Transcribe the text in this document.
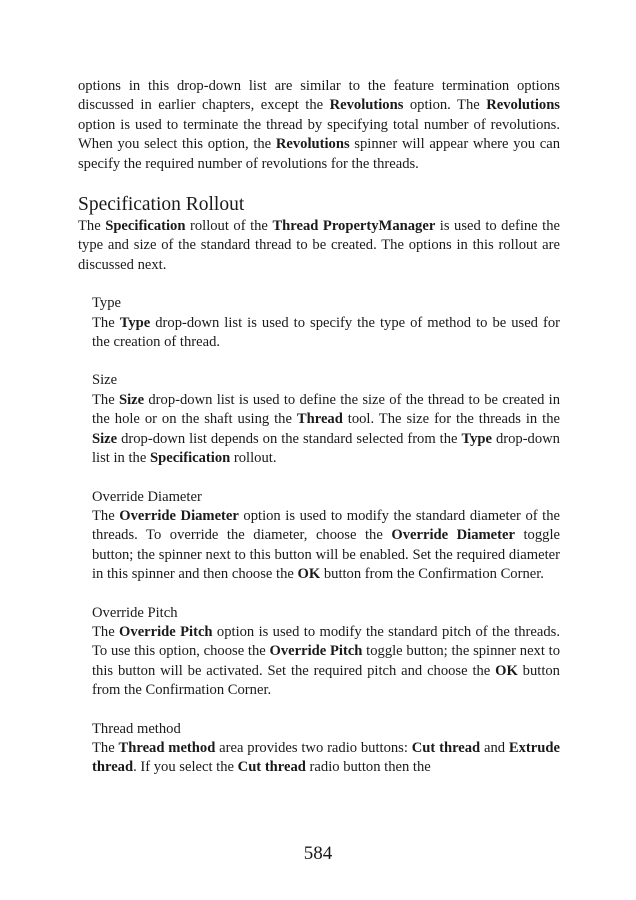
options in this drop-down list are similar to the feature termination options discussed in earlier chapters, except the Revolutions option. The Revolutions option is used to terminate the thread by specifying total number of revolutions. When you select this option, the Revolutions spinner will appear where you can specify the required number of revolutions for the threads.

Specification Rollout

The Specification rollout of the Thread PropertyManager is used to define the type and size of the standard thread to be created. The options in this rollout are discussed next.

Type

The Type drop-down list is used to specify the type of method to be used for the creation of thread.

Size

The Size drop-down list is used to define the size of the thread to be created in the hole or on the shaft using the Thread tool. The size for the threads in the Size drop-down list depends on the standard selected from the Type drop-down list in the Specification rollout.

Override Diameter

The Override Diameter option is used to modify the standard diameter of the threads. To override the diameter, choose the Override Diameter toggle button; the spinner next to this button will be enabled. Set the required diameter in this spinner and then choose the OK button from the Confirmation Corner.

Override Pitch

The Override Pitch option is used to modify the standard pitch of the threads. To use this option, choose the Override Pitch toggle button; the spinner next to this button will be activated. Set the required pitch and choose the OK button from the Confirmation Corner.

Thread method

The Thread method area provides two radio buttons: Cut thread and Extrude thread. If you select the Cut thread radio button then the

584
